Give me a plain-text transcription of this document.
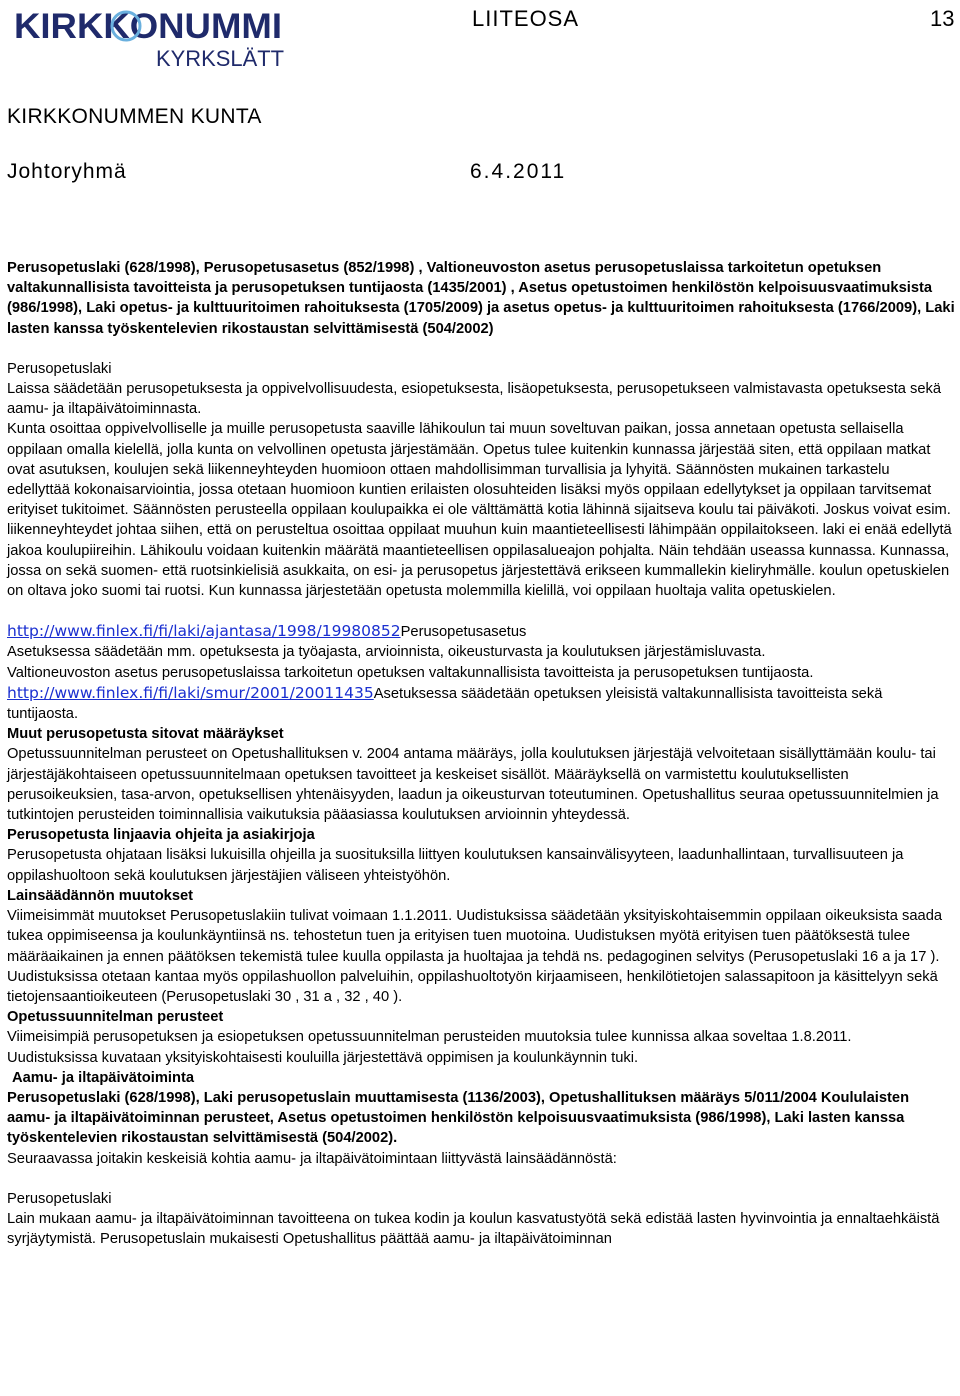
KIRKKONUMMI
KYRKSLÄTT
LIITEOSA	13
KIRKKONUMMEN KUNTA
Johtoryhmä	6.4.2011

Perusopetuslaki (628/1998), Perusopetusasetus (852/1998) , Valtioneuvoston asetus perusopetuslaissa tarkoitetun opetuksen valtakunnallisista tavoitteista ja perusopetuksen tuntijaosta (1435/2001) , Asetus opetustoimen henkilöstön kelpoisuusvaatimuksista (986/1998), Laki opetus- ja kulttuuritoimen rahoituksesta (1705/2009) ja asetus opetus- ja kulttuuritoimen rahoituksesta (1766/2009), Laki lasten kanssa työskentelevien rikostaustan selvittämisestä (504/2002)

Perusopetuslaki

Laissa säädetään perusopetuksesta ja oppivelvollisuudesta, esiopetuksesta, lisäopetuksesta, perusopetukseen valmistavasta opetuksesta sekä aamu- ja iltapäivätoiminnasta.

Kunta osoittaa oppivelvolliselle ja muille perusopetusta saaville lähikoulun tai muun soveltuvan paikan, jossa annetaan opetusta sellaisella oppilaan omalla kielellä, jolla kunta on velvollinen opetusta järjestämään. Opetus tulee kuitenkin kunnassa järjestää siten, että oppilaan matkat ovat asutuksen, koulujen sekä liikenneyhteyden huomioon ottaen mahdollisimman turvallisia ja lyhyitä. Säännösten mukainen tarkastelu edellyttää kokonaisarviointia, jossa otetaan huomioon kuntien erilaisten olosuhteiden lisäksi myös oppilaan edellytykset ja oppilaan tarvitsemat erityiset tukitoimet. Säännösten perusteella oppilaan koulupaikka ei ole välttämättä kotia lähinnä sijaitseva koulu tai päiväkoti. Joskus voivat esim. liikenneyhteydet johtaa siihen, että on perusteltua osoittaa oppilaat muuhun kuin maantieteellisesti lähimpään oppilaitokseen. laki ei enää edellytä jakoa koulupiireihin. Lähikoulu voidaan kuitenkin määrätä maantieteellisen oppilasalueajon pohjalta. Näin tehdään useassa kunnassa. Kunnassa, jossa on sekä suomen- että ruotsinkielisiä asukkaita, on esi- ja perusopetus järjestettävä erikseen kummallekin kieliryhmälle. koulun opetuskielen on oltava joko suomi tai ruotsi. Kun kunnassa järjestetään opetusta molemmilla kielillä, voi oppilaan huoltaja valita opetuskielen.

http://www.finlex.fi/fi/laki/ajantasa/1998/19980852Perusopetusasetus

Asetuksessa säädetään mm. opetuksesta ja työajasta, arvioinnista, oikeusturvasta ja koulutuksen järjestämisluvasta.

Valtioneuvoston asetus perusopetuslaissa tarkoitetun opetuksen valtakunnallisista tavoitteista ja perusopetuksen tuntijaosta. http://www.finlex.fi/fi/laki/smur/2001/20011435Asetuksessa säädetään opetuksen yleisistä valtakunnallisista tavoitteista sekä tuntijaosta.

Muut perusopetusta sitovat määräykset

Opetussuunnitelman perusteet on Opetushallituksen v. 2004 antama määräys, jolla koulutuksen järjestäjä velvoitetaan sisällyttämään koulu- tai järjestäjäkohtaiseen opetussuunnitelmaan opetuksen tavoitteet ja keskeiset sisällöt. Määräyksellä on varmistettu koulutuksellisten perusoikeuksien, tasa-arvon, opetuksellisen yhtenäisyyden, laadun ja oikeusturvan toteutuminen. Opetushallitus seuraa opetussuunnitelmien ja tutkintojen perusteiden toiminnallisia vaikutuksia pääasiassa koulutuksen arvioinnin yhteydessä.

Perusopetusta linjaavia ohjeita ja asiakirjoja

Perusopetusta ohjataan lisäksi lukuisilla ohjeilla ja suosituksilla liittyen koulutuksen kansainvälisyyteen, laadunhallintaan, turvallisuuteen ja oppilashuoltoon sekä koulutuksen järjestäjien väliseen yhteistyöhön.

Lainsäädännön muutokset

Viimeisimmät muutokset Perusopetuslakiin tulivat voimaan 1.1.2011. Uudistuksissa säädetään yksityiskohtaisemmin oppilaan oikeuksista saada tukea oppimiseensa ja koulunkäyntiinsä ns. tehostetun tuen ja erityisen tuen muotoina. Uudistuksen myötä erityisen tuen päätöksestä tulee määräaikainen ja ennen päätöksen tekemistä tulee kuulla oppilasta ja huoltajaa ja tehdä ns. pedagoginen selvitys (Perusopetuslaki 16 a ja 17 ).

Uudistuksissa otetaan kantaa myös oppilashuollon palveluihin, oppilashuoltotyön kirjaamiseen, henkilötietojen salassapitoon ja käsittelyyn sekä tietojensaantioikeuteen (Perusopetuslaki 30 , 31 a , 32 , 40 ).

Opetussuunnitelman perusteet

Viimeisimpiä perusopetuksen ja esiopetuksen opetussuunnitelman perusteiden muutoksia tulee kunnissa alkaa soveltaa 1.8.2011.

Uudistuksissa kuvataan yksityiskohtaisesti kouluilla järjestettävä oppimisen ja koulunkäynnin tuki.

Aamu- ja iltapäivätoiminta

Perusopetuslaki (628/1998), Laki perusopetuslain muuttamisesta (1136/2003), Opetushallituksen määräys 5/011/2004 Koululaisten aamu- ja iltapäivätoiminnan perusteet, Asetus opetustoimen henkilöstön kelpoisuusvaatimuksista (986/1998), Laki lasten kanssa työskentelevien rikostaustan selvittämisestä (504/2002).

Seuraavassa joitakin keskeisiä kohtia aamu- ja iltapäivätoimintaan liittyvästä lainsäädännöstä:

Perusopetuslaki

Lain mukaan aamu- ja iltapäivätoiminnan tavoitteena on tukea kodin ja koulun kasvatustyötä sekä edistää lasten hyvinvointia ja ennaltaehkäistä syrjäytymistä. Perusopetuslain mukaisesti Opetushallitus päättää aamu- ja iltapäivätoiminnan
